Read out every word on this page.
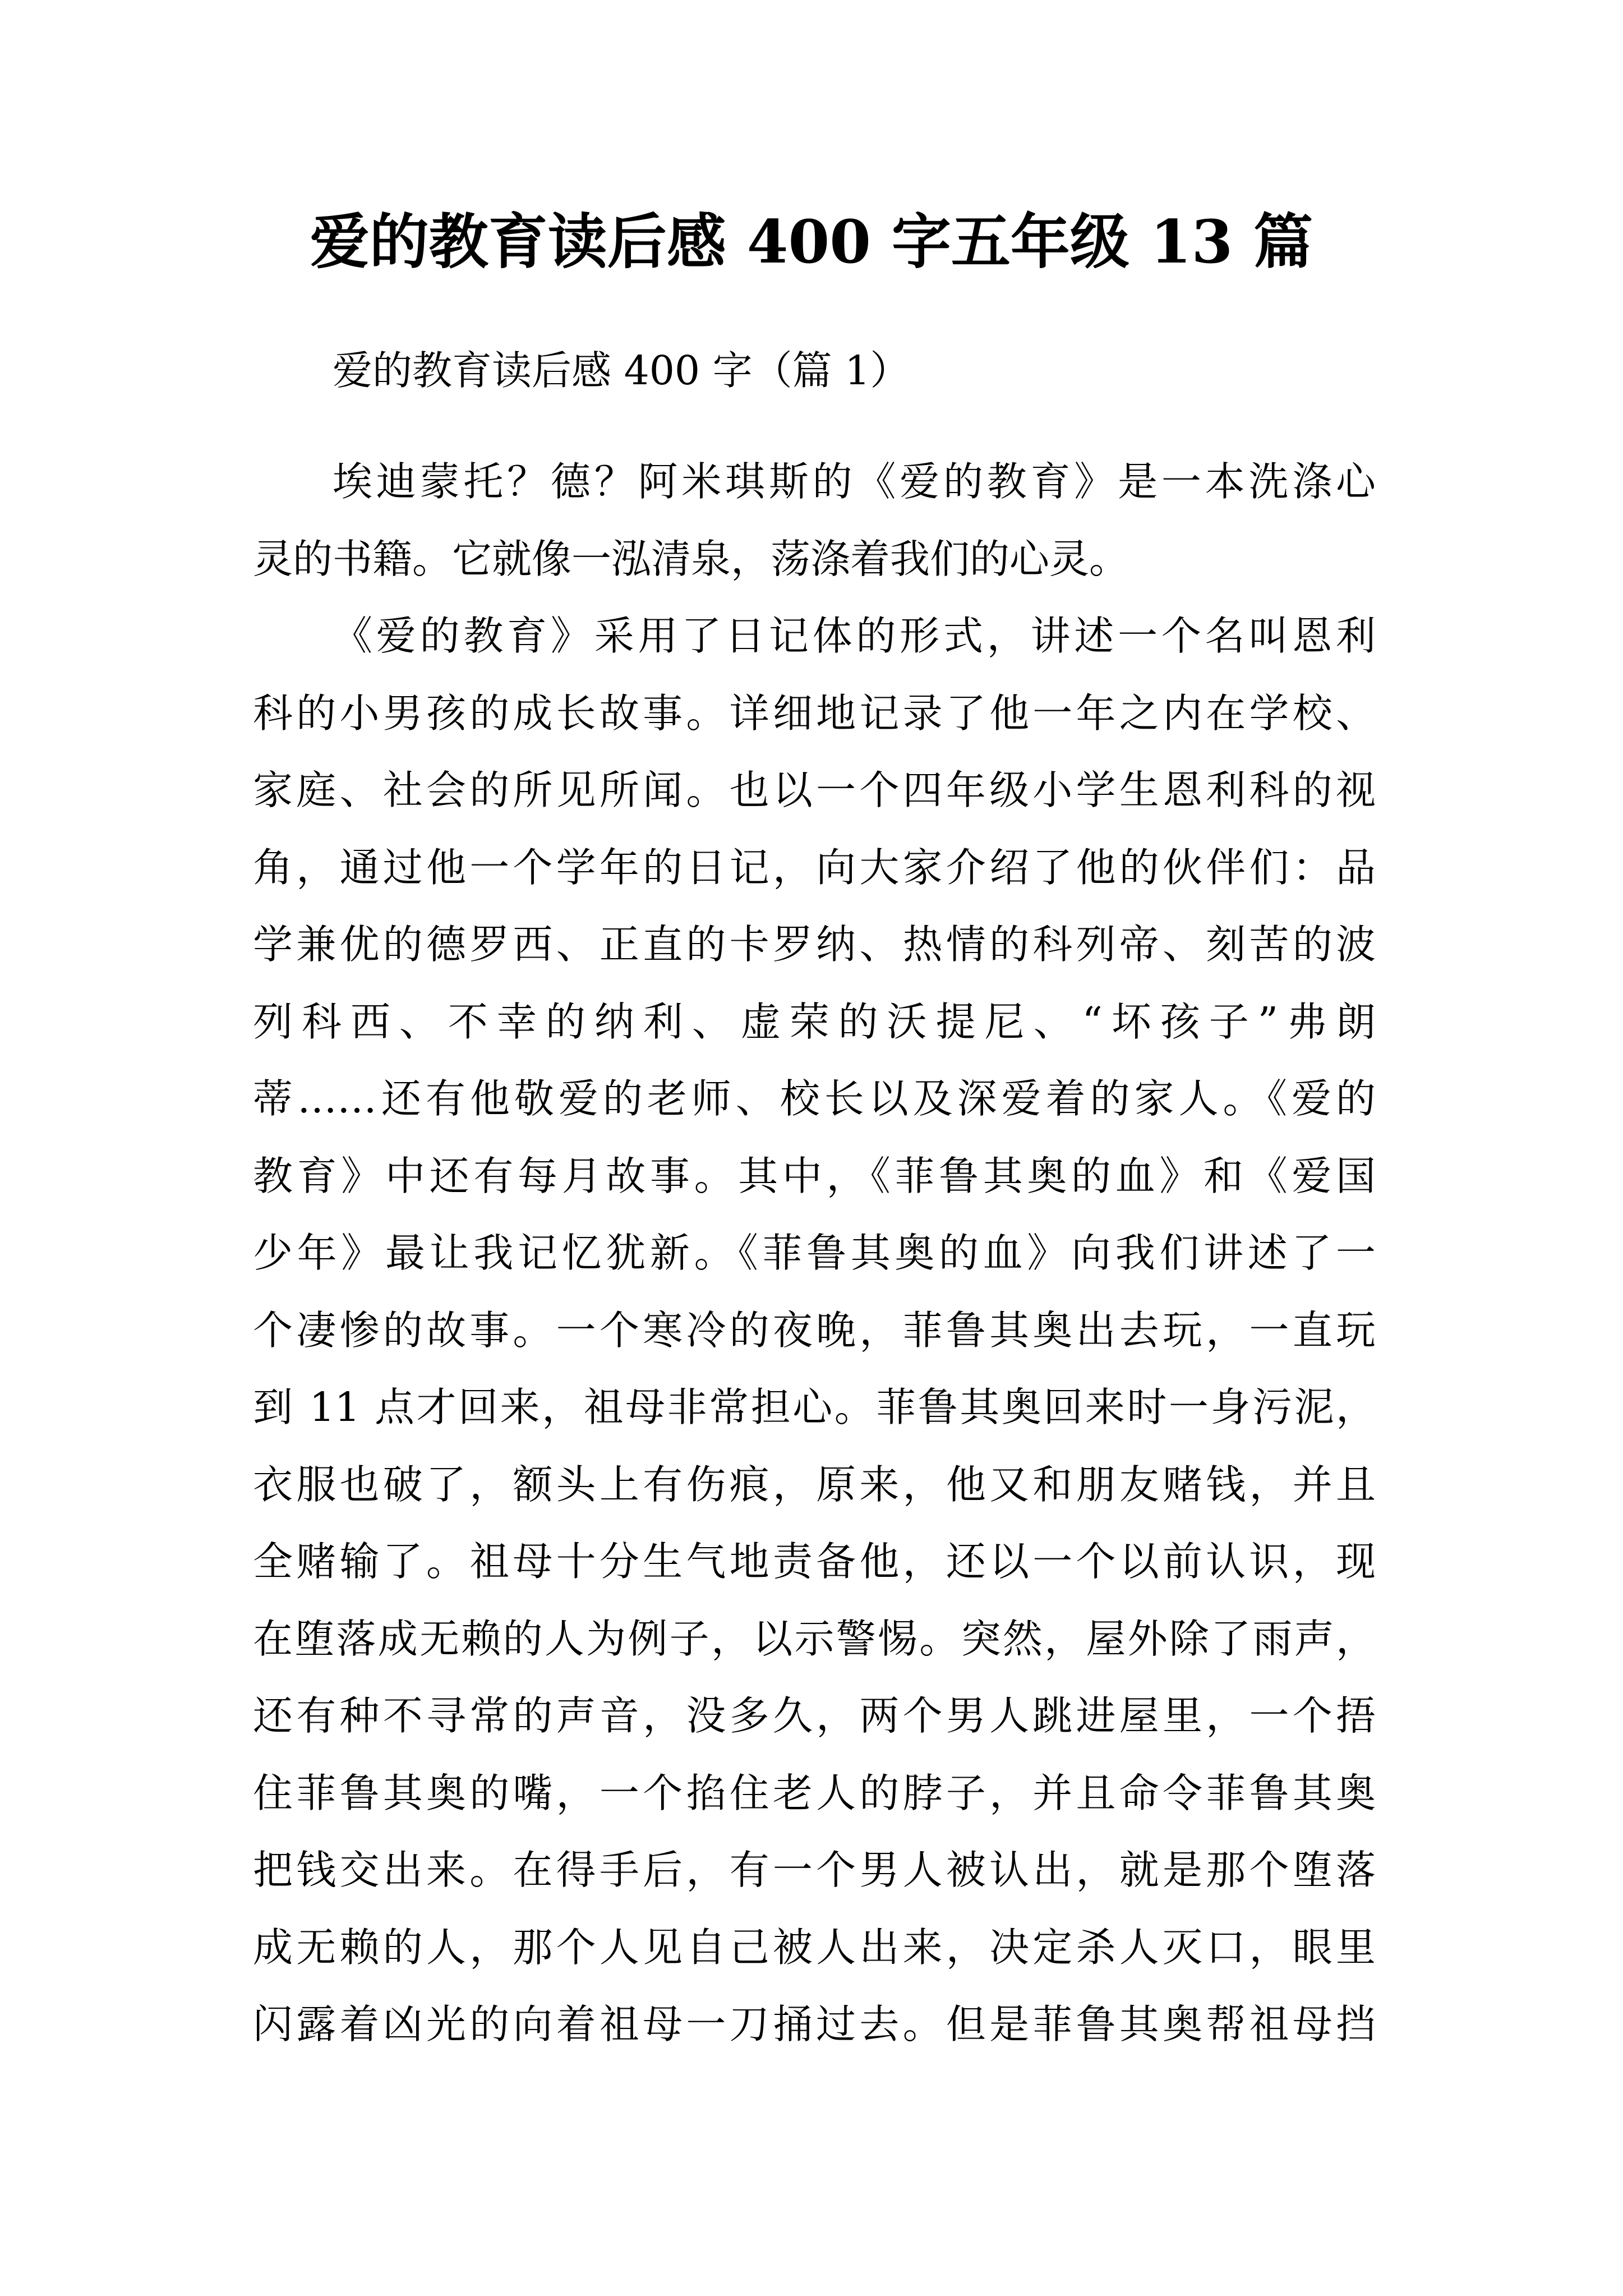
爱的教育读后感 400 字五年级 13 篇
爱的教育读后感 400 字（篇 1）
埃迪蒙托？德？阿米琪斯的《爱的教育》是一本洗涤心
灵的书籍。它就像一泓清泉，荡涤着我们的心灵。
《爱的教育》采用了日记体的形式，讲述一个名叫恩利
科的小男孩的成长故事。详细地记录了他一年之内在学校、
家庭、社会的所见所闻。也以一个四年级小学生恩利科的视
角，通过他一个学年的日记，向大家介绍了他的伙伴们：品
学兼优的德罗西、正直的卡罗纳、热情的科列帝、刻苦的波
列科西、不幸的纳利、虚荣的沃提尼、“坏孩子”弗朗
蒂……还有他敬爱的老师、校长以及深爱着的家人。《爱的
教育》中还有每月故事。其中，《菲鲁其奥的血》和《爱国
少年》最让我记忆犹新。《菲鲁其奥的血》向我们讲述了一
个凄惨的故事。一个寒冷的夜晚，菲鲁其奥出去玩，一直玩
到 11 点才回来，祖母非常担心。菲鲁其奥回来时一身污泥，
衣服也破了，额头上有伤痕，原来，他又和朋友赌钱，并且
全赌输了。祖母十分生气地责备他，还以一个以前认识，现
在堕落成无赖的人为例子，以示警惕。突然，屋外除了雨声，
还有种不寻常的声音，没多久，两个男人跳进屋里，一个捂
住菲鲁其奥的嘴，一个掐住老人的脖子，并且命令菲鲁其奥
把钱交出来。在得手后，有一个男人被认出，就是那个堕落
成无赖的人，那个人见自己被人出来，决定杀人灭口，眼里
闪露着凶光的向着祖母一刀捅过去。但是菲鲁其奥帮祖母挡
